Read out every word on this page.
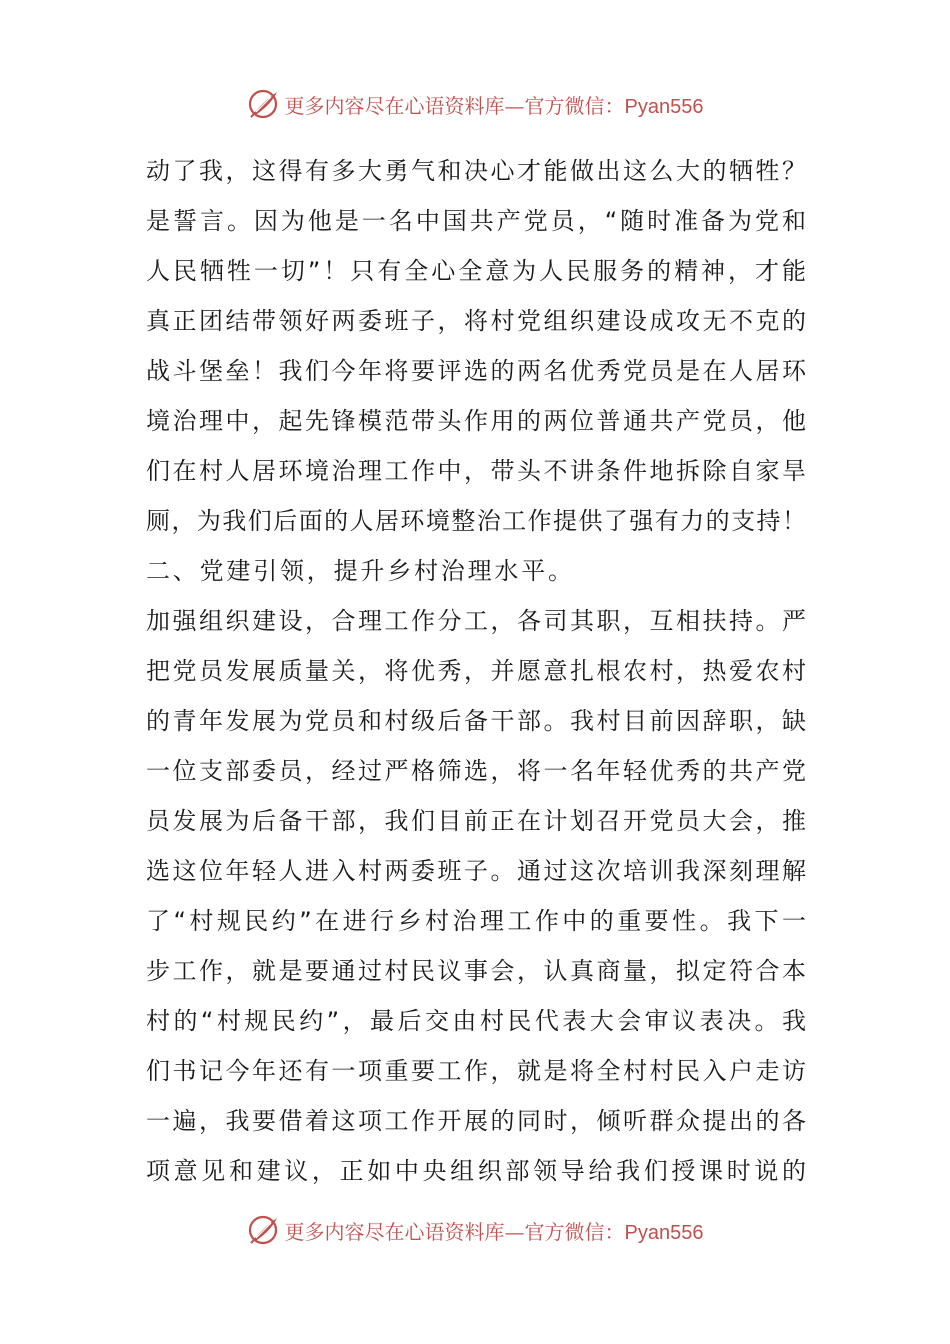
更多内容尽在心语资料库—官方微信：Pyan556
动了我，这得有多大勇气和决心才能做出这么大的牺牲？
是誓言。因为他是一名中国共产党员，“随时准备为党和
人民牺牲一切”！只有全心全意为人民服务的精神，才能
真正团结带领好两委班子，将村党组织建设成攻无不克的
战斗堡垒！我们今年将要评选的两名优秀党员是在人居环
境治理中，起先锋模范带头作用的两位普通共产党员，他
们在村人居环境治理工作中，带头不讲条件地拆除自家旱
厕，为我们后面的人居环境整治工作提供了强有力的支持！
二、党建引领，提升乡村治理水平。
加强组织建设，合理工作分工，各司其职，互相扶持。严
把党员发展质量关，将优秀，并愿意扎根农村，热爱农村
的青年发展为党员和村级后备干部。我村目前因辞职，缺
一位支部委员，经过严格筛选，将一名年轻优秀的共产党
员发展为后备干部，我们目前正在计划召开党员大会，推
选这位年轻人进入村两委班子。通过这次培训我深刻理解
了“村规民约”在进行乡村治理工作中的重要性。我下一
步工作，就是要通过村民议事会，认真商量，拟定符合本
村的“村规民约”，最后交由村民代表大会审议表决。我
们书记今年还有一项重要工作，就是将全村村民入户走访
一遍，我要借着这项工作开展的同时，倾听群众提出的各
项意见和建议，正如中央组织部领导给我们授课时说的
更多内容尽在心语资料库—官方微信：Pyan556
